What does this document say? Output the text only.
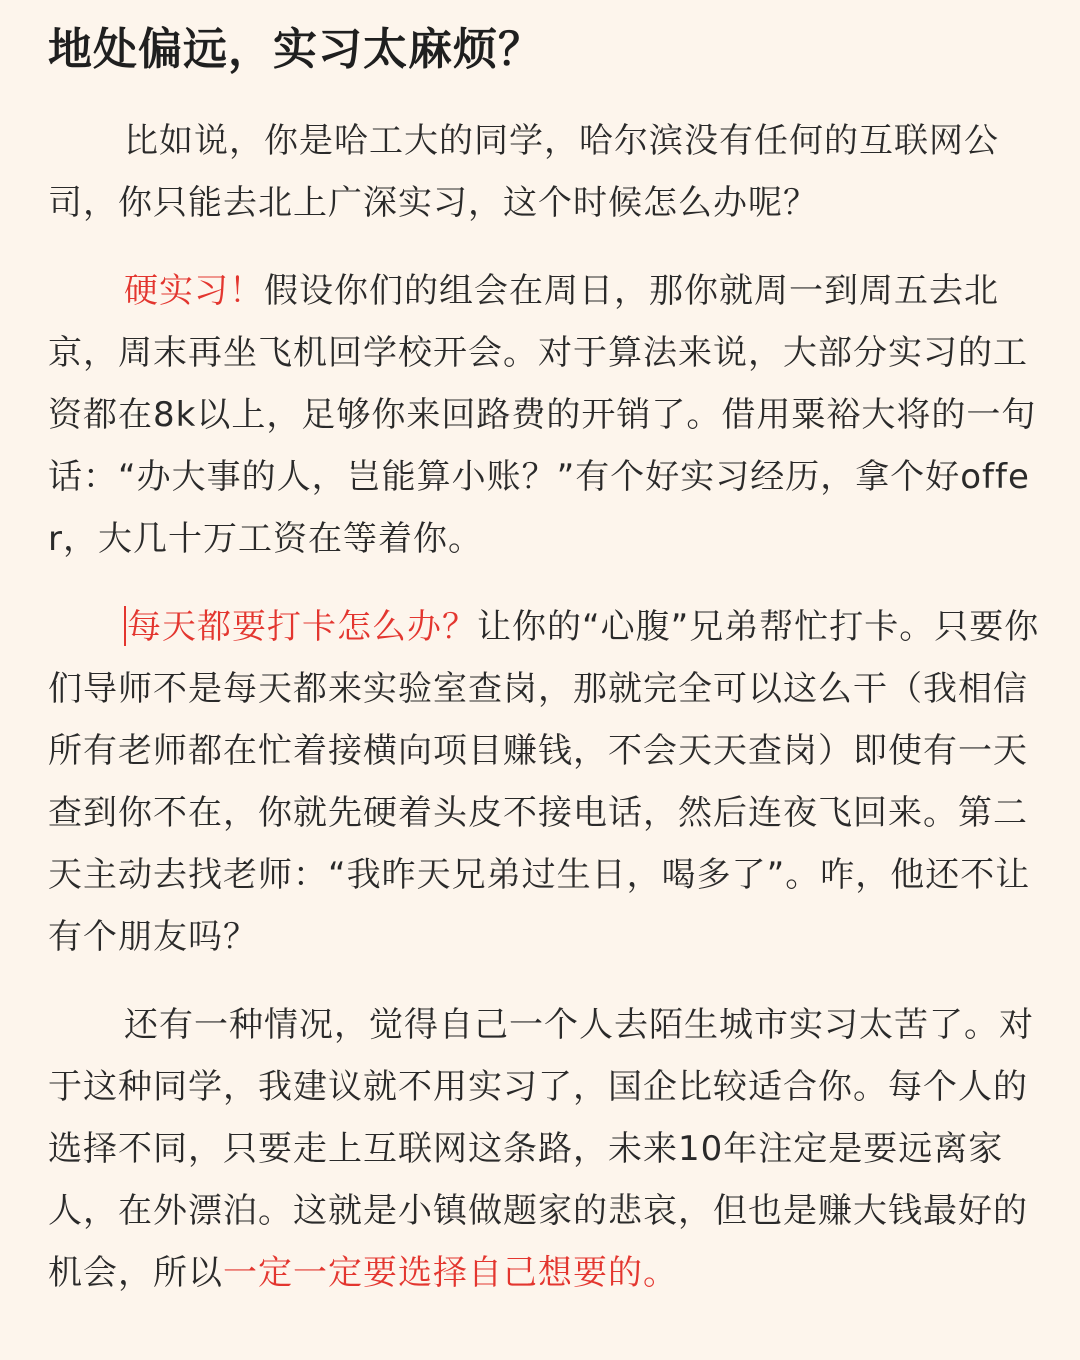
地处偏远，实习太麻烦？

比如说，你是哈工大的同学，哈尔滨没有任何的互联网公司，你只能去北上广深实习，这个时候怎么办呢？

硬实习！假设你们的组会在周日，那你就周一到周五去北京，周末再坐飞机回学校开会。对于算法来说，大部分实习的工资都在8k以上，足够你来回路费的开销了。借用粟裕大将的一句话：“办大事的人，岂能算小账？”有个好实习经历，拿个好offer，大几十万工资在等着你。

每天都要打卡怎么办？让你的“心腹”兄弟帮忙打卡。只要你们导师不是每天都来实验室查岗，那就完全可以这么干（我相信所有老师都在忙着接横向项目赚钱，不会天天查岗）即使有一天查到你不在，你就先硬着头皮不接电话，然后连夜飞回来。第二天主动去找老师：“我昨天兄弟过生日，喝多了”。咋，他还不让有个朋友吗？

还有一种情况，觉得自己一个人去陌生城市实习太苦了。对于这种同学，我建议就不用实习了，国企比较适合你。每个人的选择不同，只要走上互联网这条路，未来10年注定是要远离家人，在外漂泊。这就是小镇做题家的悲哀，但也是赚大钱最好的机会，所以一定一定要选择自己想要的。
